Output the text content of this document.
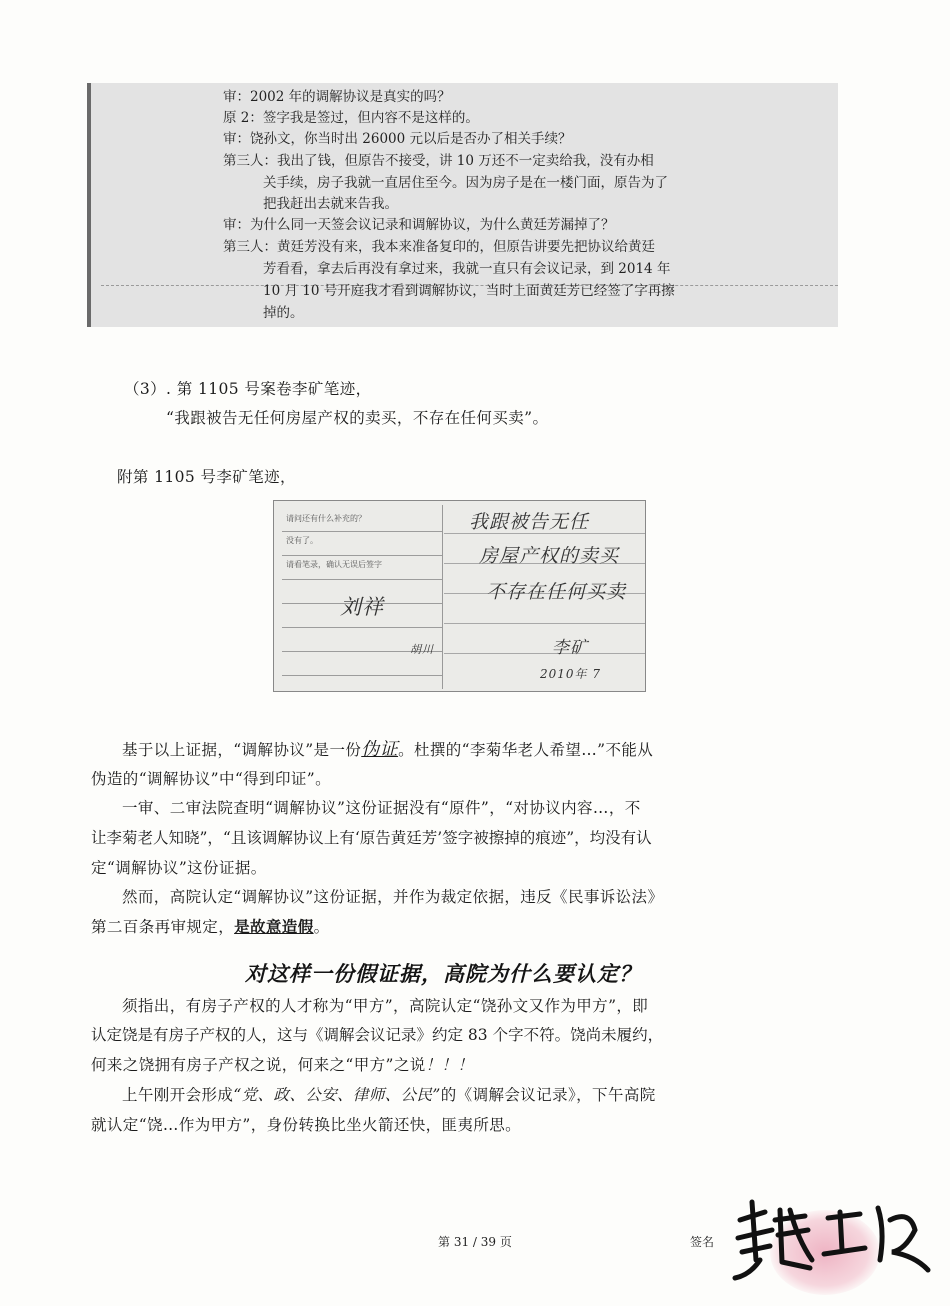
审：2002 年的调解协议是真实的吗？
原 2：签字我是签过，但内容不是这样的。
审：饶孙文，你当时出 26000 元以后是否办了相关手续？
第三人：我出了钱，但原告不接受，讲 10 万还不一定卖给我，没有办相
关手续，房子我就一直居住至今。因为房子是在一楼门面，原告为了
把我赶出去就来告我。
审：为什么同一天签会议记录和调解协议，为什么黄廷芳漏掉了？
第三人：黄廷芳没有来，我本来准备复印的，但原告讲要先把协议给黄廷
芳看看，拿去后再没有拿过来，我就一直只有会议记录，到 2014 年
10 月 10 号开庭我才看到调解协议，当时上面黄廷芳已经签了字再擦
掉的。
（3）. 第 1105 号案卷李矿笔迹，
“我跟被告无任何房屋产权的卖买，不存在任何买卖”。
附第 1105 号李矿笔迹，
请问还有什么补充的？
没有了。
请看笔录，确认无误后签字
我跟被告无任
房屋产权的卖买
不存在任何买卖
刘祥
胡川	李矿
2010年 7
基于以上证据，“调解协议”是一份伪证。杜撰的“李菊华老人希望…”不能从
伪造的“调解协议”中“得到印证”。
一审、二审法院查明“调解协议”这份证据没有“原件”，“对协议内容…，不
让李菊老人知晓”，“且该调解协议上有‘原告黄廷芳’签字被擦掉的痕迹”，均没有认
定“调解协议”这份证据。
然而，高院认定“调解协议”这份证据，并作为裁定依据，违反《民事诉讼法》
第二百条再审规定，是故意造假。
对这样一份假证据，高院为什么要认定？
须指出，有房子产权的人才称为“甲方”，高院认定“饶孙文又作为甲方”，即
认定饶是有房子产权的人，这与《调解会议记录》约定 83 个字不符。饶尚未履约，
何来之饶拥有房子产权之说，何来之“甲方”之说！！！
上午刚开会形成“党、政、公安、律师、公民”的《调解会议记录》，下午高院
就认定“饶…作为甲方”，身份转换比坐火箭还快，匪夷所思。
第 31 / 39 页	签名
